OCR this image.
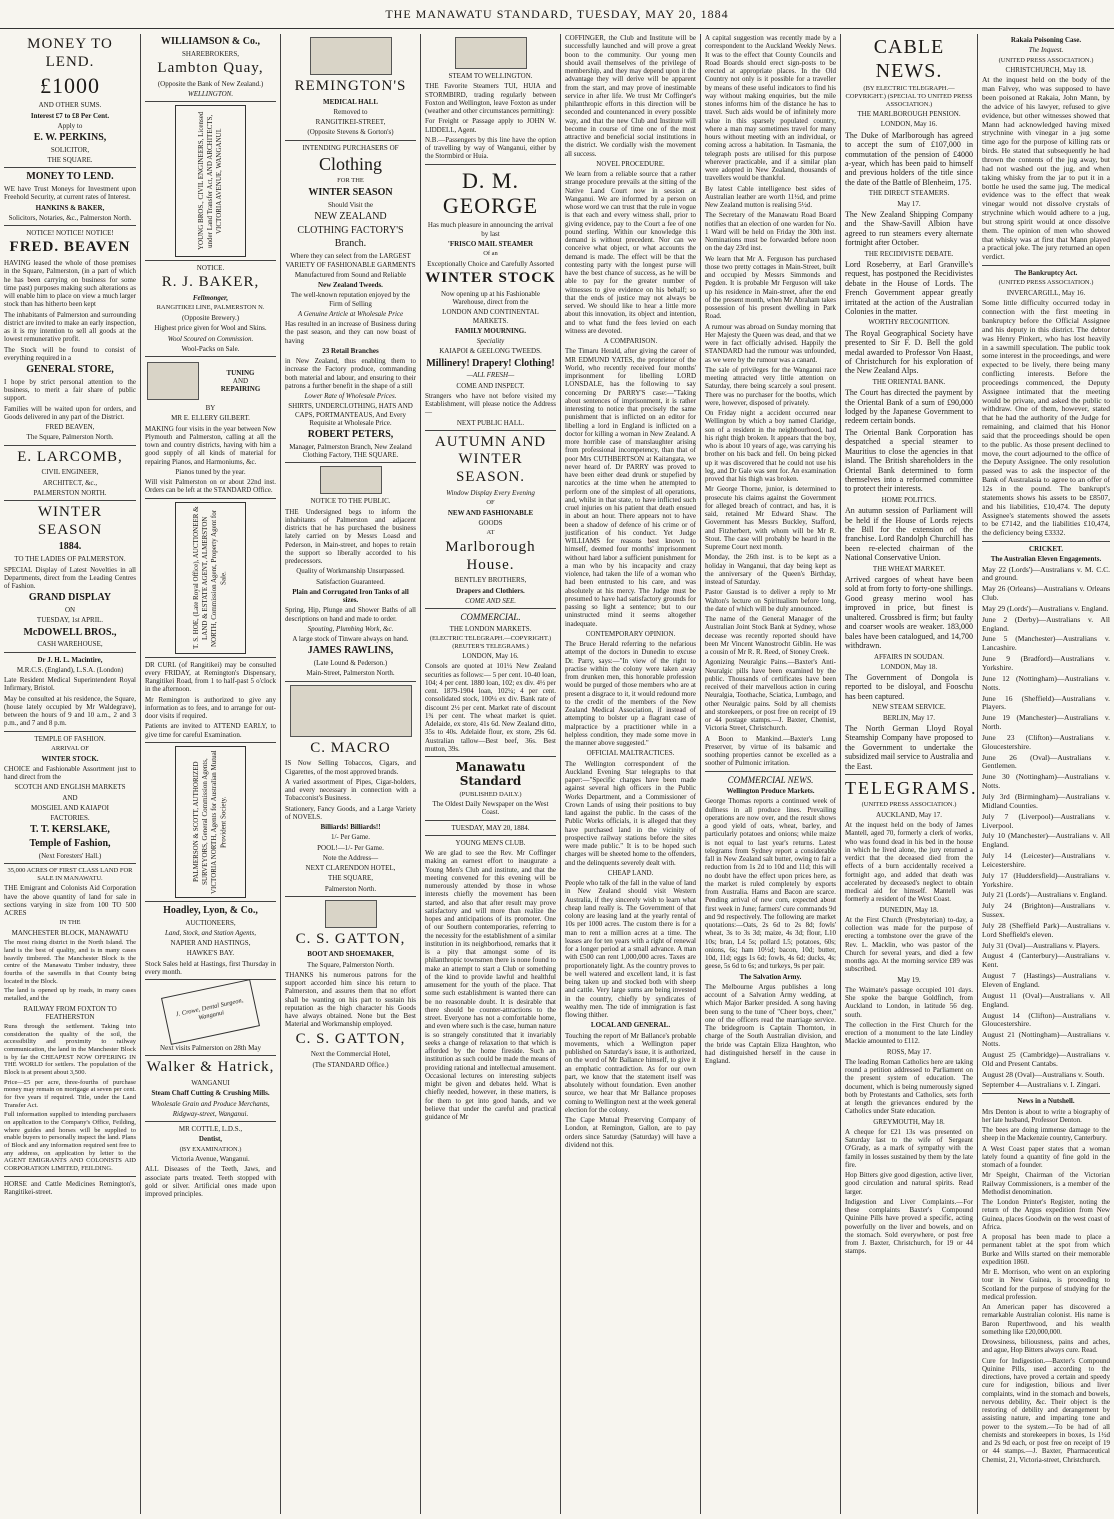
THE MANAWATU STANDARD, TUESDAY, MAY 20, 1884
MONEY TO LEND.
£1000
AND OTHER SUMS.
Interest £7 to £8 Per Cent.
Apply to
E. W. PERKINS,
SOLICITOR,
THE SQUARE.
MONEY TO LEND.

WE have Trust Moneys for Investment upon Freehold Security, at current rates of Interest.

HANKINS & BAKER,
Solicitors, Notaries, &c., Palmerston North.
NOTICE! NOTICE! NOTICE!
FRED. BEAVEN

HAVING leased the whole of those premises in the Square, Palmerston, (in a part of which he has been carrying on business for some time past) purposes making such alterations as will enable him to place on view a much larger stock than has hitherto been kept

The inhabitants of Palmerston and surrounding district are invited to make an early inspection, as it is my intention to sell all goods at the lowest remunerative profit.

The Stock will be found to consist of everything required in a

GENERAL STORE,

I hope by strict personal attention to the business, to merit a fair share of public support.

Families will be waited upon for orders, and Goods delivered in any part of the District.

FRED BEAVEN,
The Square, Palmerston North.
E. LARCOMB,
CIVIL ENGINEER,
ARCHITECT, &c.,
PALMERSTON NORTH.
WINTER SEASON
1884.
TO THE LADIES OF PALMERSTON.

SPECIAL Display of Latest Novelties in all Departments, direct from the Leading Centres of Fashion.

GRAND DISPLAY
ON
TUESDAY, 1st APRIL.
McDOWELL BROS.,
CASH WAREHOUSE,
Dr J. H. L. Macintire,
M.R.C.S. (England), L.S.A. (London)

Late Resident Medical Superintendent Royal Infirmary, Bristol.

May be consulted at his residence, the Square, (house lately occupied by Mr Waldegrave), between the hours of 9 and 10 a.m., 2 and 3 p.m., and 7 and 8 p.m.

TEMPLE OF FASHION.
ARRIVAL OF
WINTER STOCK.

CHOICE and Fashionable Assortment just to hand direct from the

SCOTCH AND ENGLISH MARKETS
AND
MOSGIEL AND KAIAPOI
FACTORIES.
T. T. KERSLAKE,
Temple of Fashion,
(Next Foresters' Hall.)
35,000 ACRES OF FIRST CLASS LAND FOR SALE IN MANAWATU.

THE Emigrant and Colonists Aid Corporation have the above quantity of land for sale in sections varying in size from 100 TO 500 ACRES

IN THE
MANCHESTER BLOCK, MANAWATU

The most rising district in the North Island. The land is the best of quality, and is in many cases heavily timbered. The Manchester Block is the centre of the Manawatu Timber industry, three fourths of the sawmills in that County being located in the Block.

The land is opened up by roads, in many cases metalled, and the

RAILWAY FROM FOXTON TO FEATHERSTON

Runs through the settlement. Taking into consideration the quality of the soil, the accessibility and proximity to railway communication, the land in the Manchester Block is by far the CHEAPEST NOW OFFERING IN THE WORLD for settlers. The population of the Block is at present about 3,500.

Price—£5 per acre, three-fourths of purchase money may remain on mortgage at seven per cent. for five years if required. Title, under the Land Transfer Act.

Full information supplied to intending purchasers on application to the Company's Office, Feilding, where guides and horses will be supplied to enable buyers to personally inspect the land. Plans of Block and any information required sent free to any address, on application by letter to the AGENT EMIGRANTS AND COLONISTS AID CORPORATION LIMITED, FEILDING.

HORSE and Cattle Medicines Remington's, Rangitikei-street.

WILLIAMSON & Co.,
SHAREBROKERS,
Lambton Quay,
(Opposite the Bank of New Zealand.)
WELLINGTON.
YOUNG BROS., CIVIL ENGINEERS, Licensed under Land Transfer Act, AND ARCHITECTS, VICTORIA AVENUE, WANGANUI.
NOTICE.
R. J. BAKER,
Fellmonger,
RANGITIKEI LINE, PALMERSTON N.
(Opposite Brewery.)
Highest price given for Wool and Skins.
Wool Scoured on Commission.
Wool-Packs on Sale.
TUNING
AND
REPAIRING
BY
MR E. ELLERY GILBERT.

MAKING four visits in the year between New Plymouth and Palmerston, calling at all the town and country districts, having with him a good supply of all kinds of material for repairing Pianos, and Harmoniums, &c.

Pianos tuned by the year.

Will visit Palmerston on or about 22nd inst. Orders can be left at the STANDARD Office.

T. S. HOE, (Late Royal Office), AUCTIONEER & LAND & ESTATE AGENT, ALMERSTON NORTH, Commission Agent, Property Agent for Sale.

DR CURL (of Rangitikei) may be consulted every FRIDAY, at Remington's Dispensary, Rangitikei Road, from 1 to half-past 5 o'clock in the afternoon.

Mr Remington is authorized to give any information as to fees, and to arrange for out-door visits if required.

Patients are invited to ATTEND EARLY, to give time for careful Examination.

PALMERSON & SCOTT, AUTHORIZED SURVEYORS, General Commission Agents, VICTORIA NORTH, Agents for Australian Mutual Provident Society.
Hoadley, Lyon, & Co.,
AUCTIONEERS,
Land, Stock, and Station Agents,
NAPIER AND HASTINGS,
HAWKE'S BAY.

Stock Sales held at Hastings, first Thursday in every month.

J. Crowe, Dental Surgeon, Wanganui
Next visits Palmerston on 28th May
Walker & Hatrick,
WANGANUI
Steam Chaff Cutting & Crushing Mills.
Wholesale Grain and Produce Merchants,
Ridgway-street, Wanganui.
MR COTTLE, L.D.S.,
Dentist,
(BY EXAMINATION.)
Victoria Avenue, Wanganui.

ALL Diseases of the Teeth, Jaws, and associate parts treated. Teeth stopped with gold or silver. Artificial ones made upon improved principles.

REMINGTON'S
MEDICAL HALL
Removed to
RANGITIKEI-STREET,
(Opposite Stevens & Gorton's)
INTENDING PURCHASERS OF
Clothing
FOR THE
WINTER SEASON
Should Visit the
NEW ZEALAND
CLOTHING FACTORY'S
Branch.
Where they can select from the LARGEST VARIETY OF FASHIONABLE GARMENTS
Manufactured from Sound and Reliable
New Zealand Tweeds.
The well-known reputation enjoyed by the Firm of Selling
A Genuine Article at Wholesale Price

Has resulted in an increase of Business during the past season, and they can now boast of having

23 Retail Branches

in New Zealand, thus enabling them to increase the Factory produce, commanding both material and labour, and ensuring to their patrons a further benefit in the shape of a still

Lower Rate of Wholesale Prices.
SHIRTS, UNDERCLOTHING, HATS AND CAPS, PORTMANTEAUS, And Every Requisite at Wholesale Price.
ROBERT PETERS,
Manager, Palmerston Branch, New Zealand Clothing Factory, THE SQUARE.
NOTICE TO THE PUBLIC.

THE Undersigned begs to inform the inhabitants of Palmerston and adjacent districts that he has purchased the business lately carried on by Messrs Loasd and Pederson, in Main-street, and hopes to retain the support so liberally accorded to his predecessors.

Quality of Workmanship Unsurpassed.
Satisfaction Guaranteed.
Plain and Corrugated Iron Tanks of all sizes.

Spring, Hip, Plunge and Shower Baths of all descriptions on hand and made to order.

Spouting, Plumbing Work, &c.
A large stock of Tinware always on hand.
JAMES RAWLINS,
(Late Lound & Pederson.)
Main-Street, Palmerston North.
C. MACRO

IS Now Selling Tobaccos, Cigars, and Cigarettes, of the most approved brands.

A varied assortment of Pipes, Cigar-holders, and every necessary in connection with a Tobacconist's Business.

Stationery, Fancy Goods, and a Large Variety of NOVELS.

Billiards! Billiards!!
1/- Per Game.
POOL!—1/- Per Game.
Note the Address—
NEXT CLARENDON HOTEL,
THE SQUARE,
Palmerston North.
C. S. GATTON,
BOOT AND SHOEMAKER,
The Square, Palmerston North.

THANKS his numerous patrons for the support accorded him since his return to Palmerston, and assures them that no effort shall be wanting on his part to sustain his reputation as the high character his Goods have always obtained. None but the Best Material and Workmanship employed.

C. S. GATTON,
Next the Commercial Hotel,
(The STANDARD Office.)
STEAM TO WELLINGTON.

THE Favorite Steamers TUI, HUIA and STORMBIRD, trading regularly between Foxton and Wellington, leave Foxton as under (weather and other circumstances permitting):

For Freight or Passage apply to JOHN W. LIDDELL, Agent.

N.B.—Passengers by this line have the option of travelling by way of Wanganui, either by the Stormbird or Huia.

D. M. GEORGE
Has much pleasure in announcing the arrival by last
'FRISCO MAIL STEAMER
Of an
Exceptionally Choice and Carefully Assorted
WINTER STOCK
Now opening up at his Fashionable Warehouse, direct from the
LONDON AND CONTINENTAL MARKETS.
FAMILY MOURNING.
Speciality
KAIAPOI & GEELONG TWEEDS.
Millinery! Drapery! Clothing!
—ALL FRESH—
COME AND INSPECT.

Strangers who have not before visited my Establishment, will please notice the Address—

NEXT PUBLIC HALL.
AUTUMN AND WINTER SEASON.
Window Display Every Evening
OF
NEW AND FASHIONABLE
GOODS
AT
Marlborough House.
BENTLEY BROTHERS,
Drapers and Clothiers.
COME AND SEE.
COMMERCIAL.
THE LONDON MARKETS.
(ELECTRIC TELEGRAPH.—COPYRIGHT.) (REUTER'S TELEGRAMS.)
LONDON, May 16.

Consols are quoted at 101¼ New Zealand securities as follows:— 5 per cent. 10-40 loan, 104; 4 per cent. 1880 loan, 102; ex div. 4½ per cent. 1879-1904 loan, 102¼; 4 per cent. consolidated stock, 100¼ ex div. Bank rate of discount 2½ per cent. Market rate of discount 1¾ per cent. The wheat market is quiet. Adelaide, ex store, 41s 6d. New Zealand ditto, 35s to 40s. Adelaide flour, ex store, 29s 6d. Australian tallow—Best beef, 36s. Best mutton, 39s.

Manawatu Standard
(PUBLISHED DAILY.)
The Oldest Daily Newspaper on the West Coast.
TUESDAY, MAY 20, 1884.
YOUNG MEN'S CLUB.

We are glad to see the Rev. Mr Coffinger making an earnest effort to inaugurate a Young Men's Club and institute, and that the meeting convened for this evening will be numerously attended by those in whose interests chiefly the movement has been started, and also that after result may prove satisfactory and will more than realize the hopes and anticipations of its promoter. One of our Southern contemporaries, referring to the necessity for the establishment of a similar institution in its neighborhood, remarks that it is a pity that amongst some of its philanthropic townsmen there is none found to make an attempt to start a Club or something of the kind to provide lawful and healthful amusement for the youth of the place. That some such establishment is wanted there can be no reasonable doubt. It is desirable that there should be counter-attractions to the street. Everyone has not a comfortable home, and even where such is the case, human nature is so strangely constituted that it invariably seeks a change of relaxation to that which is afforded by the home fireside. Such an institution as such could be made the means of providing rational and intellectual amusement. Occasional lectures on interesting subjects might be given and debates held. What is chiefly needed, however, in these matters, is for them to get into good hands, and we believe that under the careful and practical guidance of Mr

COFFINGER, the Club and Institute will be successfully launched and will prove a great boon to the community. Our young men should avail themselves of the privilege of membership, and they may depend upon it the advantage they will derive will be apparent from the start, and may prove of inestimable service in after life. We trust Mr Coffinger's philanthropic efforts in this direction will be seconded and countenanced in every possible way, and that the new Club and Institute will become in course of time one of the most attractive and beneficial social institutions in the district. We cordially wish the movement all success.

NOVEL PROCEDURE.

We learn from a reliable source that a rather strange procedure prevails at the sitting of the Native Land Court now in session at Wanganui. We are informed by a person on whose word we can trust that the rule in vogue is that each and every witness shall, prior to giving evidence, pay to the Court a fee of one pound sterling. Within our knowledge this demand is without precedent. Nor can we conceive what object, or what accounts the demand is made. The effect will be that the contesting party with the longest purse will have the best chance of success, as he will be able to pay for the greater number of witnesses to give evidence on his behalf; so that the ends of justice may not always be served. We should like to hear a little more about this innovation, its object and intention, and to what fund the fees levied on each witness are devoted.

A COMPARISON.

The Timaru Herald, after giving the career of MR EDMUND YATES, the proprietor of the World, who recently received four months' imprisonment for libelling LORD LONSDALE, has the following to say concerning Dr PARRY'S case:—"Taking about sentences of imprisonment, it is rather interesting to notice that precisely the same punishment that is inflicted on an editor for libelling a lord in England is inflicted on a doctor for killing a woman in New Zealand. A more horrible case of manslaughter arising from professional incompetency, than that of poor Mrs CUTHBERTSON at Kaitangata, we never heard of. Dr PARRY was proved to have been either dead drunk or stupefied by narcotics at the time when he attempted to perform one of the simplest of all operations, and, whilst in that state, to have inflicted such cruel injuries on his patient that death ensued in about an hour. There appears not to have been a shadow of defence of his crime or of justification of his conduct. Yet Judge WILLIAMS for reasons best known to himself, deemed four months' imprisonment without hard labor a sufficient punishment for a man who by his incapacity and crazy violence, had taken the life of a woman who had been entrusted to his care, and was absolutely at his mercy. The Judge must be presumed to have had satisfactory grounds for passing so light a sentence; but to our uninstructed mind it seems altogether inadequate.

CONTEMPORARY OPINION.

The Bruce Herald referring to the nefarious attempt of the doctors in Dunedin to excuse Dr. Parry, says:—"In view of the right to practise within the colony were taken away from drunken men, this honorable profession would be purged of those members who are at present a disgrace to it, it would redound more to the credit of the members of the New Zealand Medical Association, if instead of attempting to bolster up a flagrant case of malpractice by a practitioner while in a helpless condition, they made some move in the manner above suggested."

OFFICIAL MALTRACTICES.

The Wellington correspondent of the Auckland Evening Star telegraphs to that paper:—"Specific charges have been made against several high officers in the Public Works Department, and a Commissioner of Crown Lands of using their positions to buy land against the public. In the cases of the Public Works officials, it is alleged that they have purchased land in the vicinity of prospective railway stations before the sites were made public." It is to be hoped such charges will be sheeted home to the offenders, and the delinquents severely dealt with.

CHEAP LAND.

People who talk of the fall in the value of land in New Zealand should visit Western Australia, if they sincerely wish to learn what cheap land really is. The Government of that colony are leasing land at the yearly rental of 10s per 1000 acres. The custom there is for a man to rent a million acres at a time. The leases are for ten years with a right of renewal for a longer period at a small advance. A man with £500 can rent 1,000,000 acres. Taxes are proportionately light. As the country proves to be well watered and excellent land, it is fast being taken up and stocked both with sheep and cattle. Very large sums are being invested in the country, chiefly by syndicates of wealthy men. The tide of immigration is fast flowing thither.

LOCAL AND GENERAL.

Touching the report of Mr Ballance's probable movements, which a Wellington paper published on Saturday's issue, it is authorized, on the word of Mr Ballance himself, to give it an emphatic contradiction. As for our own part, we know that the statement itself was absolutely without foundation. Even another source, we hear that Mr Ballance proposes coming to Wellington next at the week general election for the colony.

The Cape Mutual Preserving Company of London, at Remington, Gallon, are to pay orders since Saturday (Saturday) will have a dividend not this.

A capital suggestion was recently made by a correspondent to the Auckland Weekly News. It was to the effect that County Councils and Road Boards should erect sign-posts to be erected at appropriate places. In the Old Country not only is it possible for a traveller by means of these useful indicators to find his way without making enquiries, but the mile stones informs him of the distance he has to travel. Such aids would be of infinitely more value in this sparsely populated country, where a man may sometimes travel for many hours without meeting with an individual, or coming across a habitation. In Tasmania, the telegraph posts are utilised for this purpose wherever practicable, and if a similar plan were adopted in New Zealand, thousands of travellers would be thankful.

By latest Cable intelligence best sides of Australian leather are worth 11½d, and prime New Zealand mutton is realising 5½d.

The Secretary of the Manawatu Road Board notifies that an election of one warden for No. 1 Ward will be held on Friday the 30th inst. Nominations must be forwarded before noon on the day 23rd inst.

We learn that Mr A. Ferguson has purchased those two pretty cottages in Main-Street, built and occupied by Messrs Simmonds and Pegden. It is probable Mr Ferguson will take up his residence in Main-street, after the end of the present month, when Mr Abraham takes possession of his present dwelling in Park Road.

A rumour was abroad on Sunday morning that Her Majesty the Queen was dead, and that we were in fact officially advised. Happily the STANDARD had the rumour was unfounded, as we were by the rumour was a canard.

The sale of privileges for the Wanganui race meeting attracted very little attention on Saturday, there being scarcely a soul present. There was no purchaser for the booths, which were, however, disposed of privately.

On Friday night a accident occurred near Wellington by which a boy named Claridge, son of a resident in the neighbourhood, had his right thigh broken. It appears that the boy, who is about 10 years of age, was carrying his brother on his back and fell. On being picked up it was discovered that he could not use his leg, and Dr Gale was sent for. An examination proved that his thigh was broken.

Mr George Thorne, junior, is determined to prosecute his claims against the Government for alleged breach of contract, and has, it is said, retained Mr Edward Shaw. The Government has Messrs Buckley, Stafford, and Fitzherbert, with whom will be Mr R. Stout. The case will probably be heard in the Supreme Court next month.

Monday, the 26th inst. is to be kept as a holiday in Wanganui, that day being kept as the anniversary of the Queen's Birthday, instead of Saturday.

Pastor Gaustad is to deliver a reply to Mr Walton's lecture on Spiritualism before long, the date of which will be duly announced.

The name of the General Manager of the Australian Joint Stock Bank at Sydney, whose decease was recently reported should have been Mr Vincent Wanostrocht Giblin. He was a cousin of Mr R. R. Reed, of Stoney Creek.

Agonizing Neuralgic Pains.—Baxter's Anti-Neuralgic pills have been examined by the public. Thousands of certificates have been received of their marvellous action in curing Neuralgia, Toothache, Sciatica, Lumbago, and other Neuralgic pains. Sold by all chemists and storekeepers, or post free on receipt of 19 or 44 postage stamps.—J. Baxter, Chemist, Victoria Street, Christchurch.

A Boon to Mankind.—Baxter's Lung Preserver, by virtue of its balsamic and soothing properties cannot be excelled as a soother of Pulmonic irritation.

COMMERCIAL NEWS.
Wellington Produce Markets.

George Thomas reports a continued week of dullness in all produce lines. Prevailing operations are now over, and the result shows a good yield of oats, wheat, barley, and particularly potatoes and onions; while maize is not equal to last year's returns. Latest telegrams from Sydney report a considerable fall in New Zealand salt butter, owing to fair a reduction from 1s 2d to 10d and 11d; this will no doubt have the effect upon prices here, as the market is ruled completely by exports from Australia. Hams and Bacon are scarce. Pending arrival of new corn, expected about first week in June; farmers' cure commands 9d and 9d respectively. The following are market quotations:—Oats, 2s 6d to 2s 8d; fowls' wheat, 3s to 3s 3d; maize, 4s 3d; flour, L10 10s; bran, L4 5s; pollard L5; potatoes, 60s; onions, 6s; ham 10½d; bacon, 10d; butter, 10d, 11d; eggs 1s 6d; fowls, 4s 6d; ducks, 4s; geese, 5s 6d to 6s; and turkeys, 9s per pair.

The Salvation Army.

The Melbourne Argus publishes a long account of a Salvation Army wedding, at which Major Barker presided. A song having been sung to the tune of "Cheer boys, cheer," one of the officers read the marriage service. The bridegroom is Captain Thornton, in charge of the South Australian division, and the bride was Captain Eliza Haughton, who had distinguished herself in the cause in England.

CABLE NEWS.
(BY ELECTRIC TELEGRAPH.—COPYRIGHT.) (SPECIAL TO UNITED PRESS ASSOCIATION.)
THE MARLBOROUGH PENSION.
LONDON, May 16.

The Duke of Marlborough has agreed to accept the sum of £107,000 in commutation of the pension of £4000 a-year, which has been paid to himself and previous holders of the title since the date of the Battle of Blenheim, 175.

THE DIRECT STEAMERS.
May 17.

The New Zealand Shipping Company and the Shaw-Savill Albion have agreed to run steamers every alternate fortnight after October.

THE RECIDIVISTE DEBATE.

Lord Roseberry, at Earl Granville's request, has postponed the Recidivistes debate in the House of Lords. The French Government appear greatly irritated at the action of the Australian Colonies in the matter.

WORTHY RECOGNITION.

The Royal Geographical Society have presented to Sir F. D. Bell the gold medal awarded to Professor Von Haast, of Christchurch for his exploration of the New Zealand Alps.

THE ORIENTAL BANK.

The Court has directed the payment by the Oriental Bank of a sum of £90,000 lodged by the Japanese Government to redeem certain bonds.

The Oriental Bank Corporation has despatched a special steamer to Mauritius to close the agencies in that island. The British shareholders in the Oriental Bank determined to form themselves into a reformed committee to protect their interests.

HOME POLITICS.

An autumn session of Parliament will be held if the House of Lords rejects the Bill for the extension of the franchise. Lord Randolph Churchill has been re-elected chairman of the National Conservative Union.

THE WHEAT MARKET.

Arrived cargoes of wheat have been sold at from forty to forty-one shillings. Good greasy merino wool has improved in price, but finest is unaltered. Crossbred is firm; but faulty and coarser wools are weaker. 183,000 bales have been catalogued, and 14,700 withdrawn.

AFFAIRS IN SOUDAN.
LONDON, May 18.

The Government of Dongola is reported to be disloyal, and Fooschu has been captured.

NEW STEAM SERVICE.
BERLIN, May 17.

The North German Lloyd Royal Steamship Company have proposed to the Government to undertake the subsidized mail service to Australia and the East.

TELEGRAMS.
(UNITED PRESS ASSOCIATION.)
AUCKLAND, May 17.

At the inquest held on the body of James Mantell, aged 70, formerly a clerk of works, who was found dead in his bed in the house in which he lived alone, the jury returned a verdict that the deceased died from the effects of a burn accidentally received a fortnight ago, and added that death was accelerated by deceased's neglect to obtain medical aid for himself. Mantell was formerly a resident of the West Coast.

DUNEDIN, May 18.

At the First Church (Presbyterian) to-day, a collection was made for the purpose of erecting a tombstone over the grave of the Rev. L. Macklin, who was pastor of the Church for several years, and died a few months ago. At the morning service £89 was subscribed.

May 19.

The Waimate's passage occupied 101 days. She spoke the barque Goldfinch, from Auckland to London, in latitude 56 deg. south.

The collection in the First Church for the erection of a monument to the late Lindley Mackie amounted to £112.

ROSS, May 17.

The leading Roman Catholics here are taking round a petition addressed to Parliament on the present system of education. The document, which is being numerously signed both by Protestants and Catholics, sets forth at length the grievances endured by the Catholics under State education.

GREYMOUTH, May 18.

A cheque for £21 13s was presented on Saturday last to the wife of Sergeant O'Grady, as a mark of sympathy with the family in losses sustained by them by the late fire.

Hop Bitters give good digestion, active liver, good circulation and natural spirits. Read larger.

Indigestion and Liver Complaints.—For these complaints Baxter's Compound Quinine Pills have proved a specific, acting powerfully on the liver and bowels, and on the stomach. Sold everywhere, or post free from J. Baxter, Christchurch, for 19 or 44 stamps.

Rakaia Poisoning Case.
The Inquest.
(UNITED PRESS ASSOCIATION.)
CHRISTCHURCH, May 18.

At the inquest held on the body of the man Falvey, who was supposed to have been poisoned at Rakaia, John Mann, by the advice of his lawyer, refused to give evidence, but other witnesses showed that Mann had acknowledged having mixed strychnine with vinegar in a jug some time ago for the purpose of killing rats or birds. He stated that subsequently he had thrown the contents of the jug away, but had not washed out the jug, and when taking whisky from the jar to put it in a bottle he used the same jug. The medical evidence was to the effect that weak vinegar would not dissolve crystals of strychnine which would adhere to a jug, but strong spirit would at once dissolve them. The opinion of men who showed that whisky was at first that Mann played a practical joke. The jury returned an open verdict.

The Bankruptcy Act.
(UNITED PRESS ASSOCIATION.)
INVERCARGILL, May 16.

Some little difficulty occurred today in connection with the first meeting in bankruptcy before the Official Assignee and his deputy in this district. The debtor was Henry Pinkert, who has lost heavily in a sawmill speculation. The public took some interest in the proceedings, and were expected to be lively, there being many conflicting interests. Before the proceedings commenced, the Deputy Assignee intimated that the meeting would be private, and asked the public to withdraw. One of them, however, stated that he had the authority of the Judge for remaining, and claimed that his Honor said that the proceedings should be open to the public. As those present declined to move, the court adjourned to the office of the Deputy Assignee. The only resolution passed was to ask the inspector of the Bank of Australasia to agree to an offer of 12s in the pound. The bankrupt's statements shows his assets to be £8507, and his liabilities, £10,474. The deputy Assignee's statements showed the assets to be £7142, and the liabilities £10,474, the deficiency being £3332.

CRICKET.
The Australian Eleven Engagements.

May 22 (Lords')—Australians v. M. C.C. and ground.

May 26 (Orleans)—Australians v. Orleans Club.

May 29 (Lords')—Australians v. England.

June 2 (Derby)—Australians v. All England.

June 5 (Manchester)—Australians v. Lancashire.

June 9 (Bradford)—Australians v. Yorkshire.

June 12 (Nottingham)—Australians v. Notts.

June 16 (Sheffield)—Australians v. Players.

June 19 (Manchester)—Australians v. North.

June 23 (Clifton)—Australians v. Gloucestershire.

June 26 (Oval)—Australians v. Gentlemen.

June 30 (Nottingham)—Australians v. Notts.

July 3rd (Birmingham)—Australians v. Midland Counties.

July 7 (Liverpool)—Australians v. Liverpool.

July 10 (Manchester)—Australians v. All England.

July 14 (Leicester)—Australians v. Leicestershire.

July 17 (Huddersfield)—Australians v. Yorkshire.

July 21 (Lords')—Australians v. England.

July 24 (Brighton)—Australians v. Sussex.

July 28 (Sheffield Park)—Australians v. Lord Sheffield's eleven.

July 31 (Oval)—Australians v. Players.

August 4 (Canterbury)—Australians v. Kent.

August 7 (Hastings)—Australians v. Eleven of England.

August 11 (Oval)—Australians v. All England.

August 14 (Clifton)—Australians v. Gloucestershire.

August 21 (Nottingham)—Australians v. Notts.

August 25 (Cambridge)—Australians v. Old and Present Cantabs.

August 28 (Oval)—Australians v. South.

September 4—Australians v. I. Zingari.

News in a Nutshell.

Mrs Denton is about to write a biography of her late husband, Professor Denton.

The bees are doing immense damage to the sheep in the Mackenzie country, Canterbury.

A West Coast paper states that a woman lately found a quantity of fine gold in the stomach of a founder.

Mr Speight, Chairman of the Victorian Railway Commissioners, is a member of the Methodist denomination.

The London Printer's Register, noting the return of the Argus expedition from New Guinea, places Goodwin on the west coast of Africa.

A proposal has been made to place a permanent tablet at the spot from which Burke and Wills started on their memorable expedition 1860.

Mr E. Morrison, who went on an exploring tour in New Guinea, is proceeding to Scotland for the purpose of studying for the medical profession.

An American paper has discovered a remarkable Australian colonist. His name is Baron Ruperthwood, and his wealth something like £20,000,000.

Drowsiness, biliousness, pains and aches, and ague, Hop Bitters always cure. Read.

Cure for Indigestion.—Baxter's Compound Quinine Pills, used according to the directions, have proved a certain and speedy cure for indigestion, bilious and liver complaints, wind in the stomach and bowels, nervous debility, &c. Their object is the restoring of debility and derangement by assisting nature, and imparting tone and power to the system.—To be had of all chemists and storekeepers in boxes, 1s 1½d and 2s 9d each, or post free on receipt of 19 or 44 stamps.—J. Baxter, Pharmaceutical Chemist, 21, Victoria-street, Christchurch.
